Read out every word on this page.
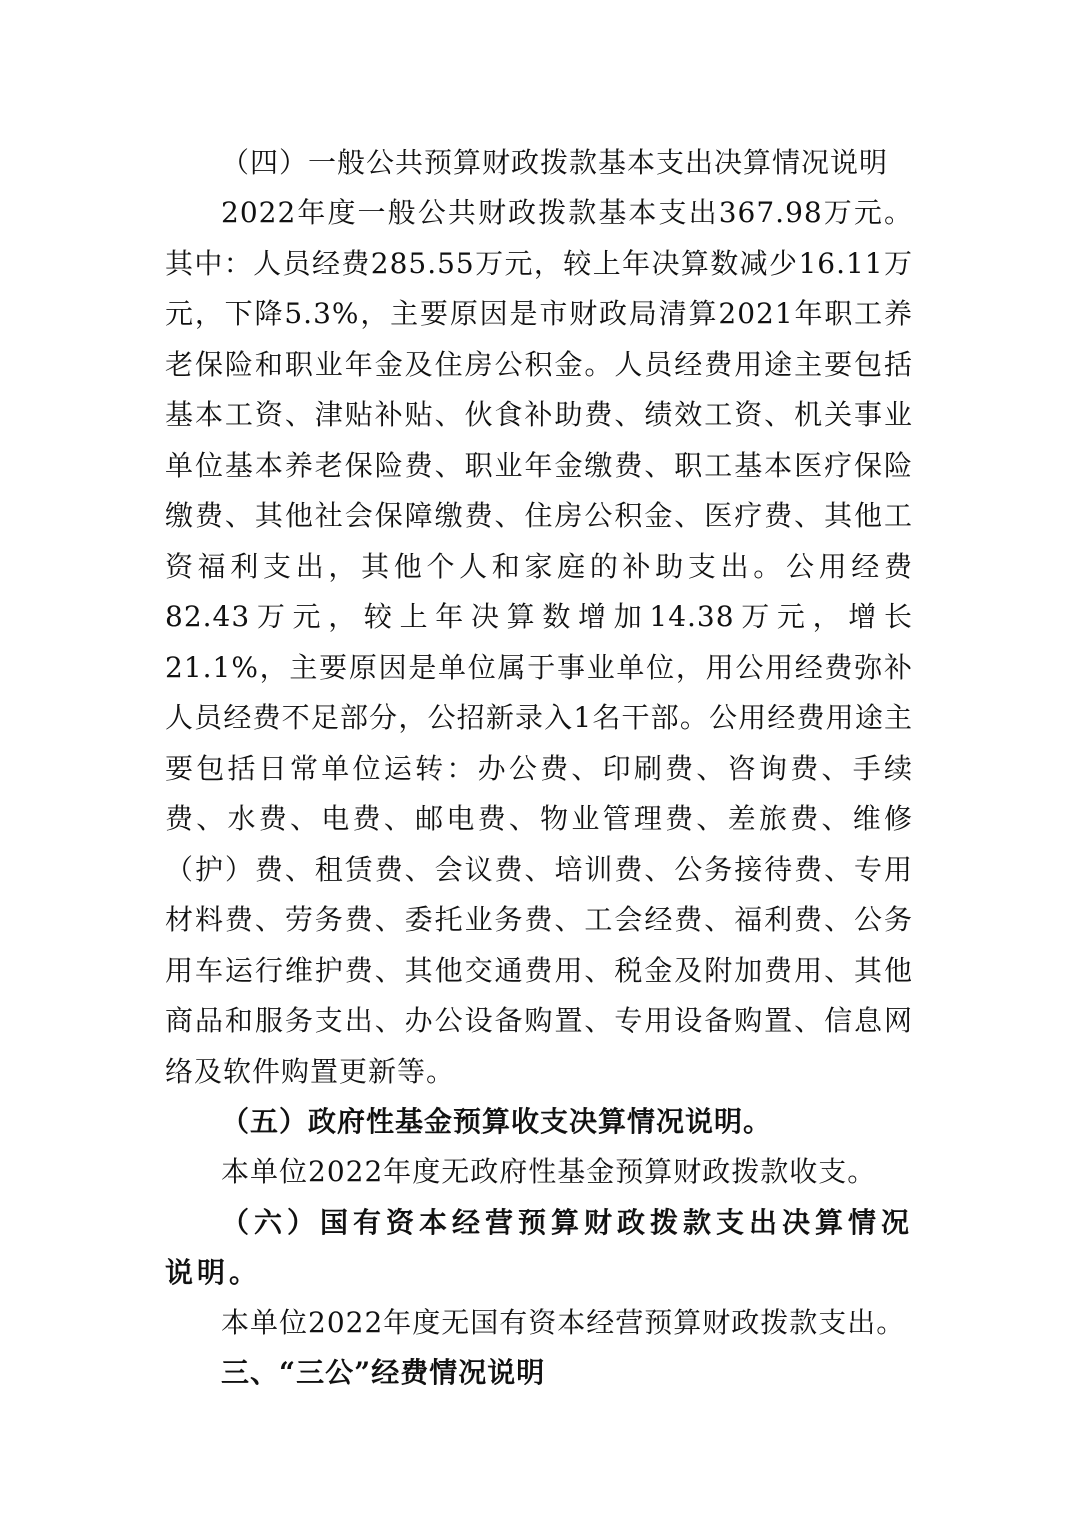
（四）一般公共预算财政拨款基本支出决算情况说明

2022年度一般公共财政拨款基本支出367.98万元。其中：人员经费285.55万元，较上年决算数减少16.11万元，下降5.3%，主要原因是市财政局清算2021年职工养老保险和职业年金及住房公积金。人员经费用途主要包括基本工资、津贴补贴、伙食补助费、绩效工资、机关事业单位基本养老保险费、职业年金缴费、职工基本医疗保险缴费、其他社会保障缴费、住房公积金、医疗费、其他工资福利支出，其他个人和家庭的补助支出。公用经费82.43万元，较上年决算数增加14.38万元，增长21.1%，主要原因是单位属于事业单位，用公用经费弥补人员经费不足部分，公招新录入1名干部。公用经费用途主要包括日常单位运转：办公费、印刷费、咨询费、手续费、水费、电费、邮电费、物业管理费、差旅费、维修（护）费、租赁费、会议费、培训费、公务接待费、专用材料费、劳务费、委托业务费、工会经费、福利费、公务用车运行维护费、其他交通费用、税金及附加费用、其他商品和服务支出、办公设备购置、专用设备购置、信息网络及软件购置更新等。

（五）政府性基金预算收支决算情况说明。

本单位2022年度无政府性基金预算财政拨款收支。

（六）国有资本经营预算财政拨款支出决算情况说明。

本单位2022年度无国有资本经营预算财政拨款支出。

三、“三公”经费情况说明
